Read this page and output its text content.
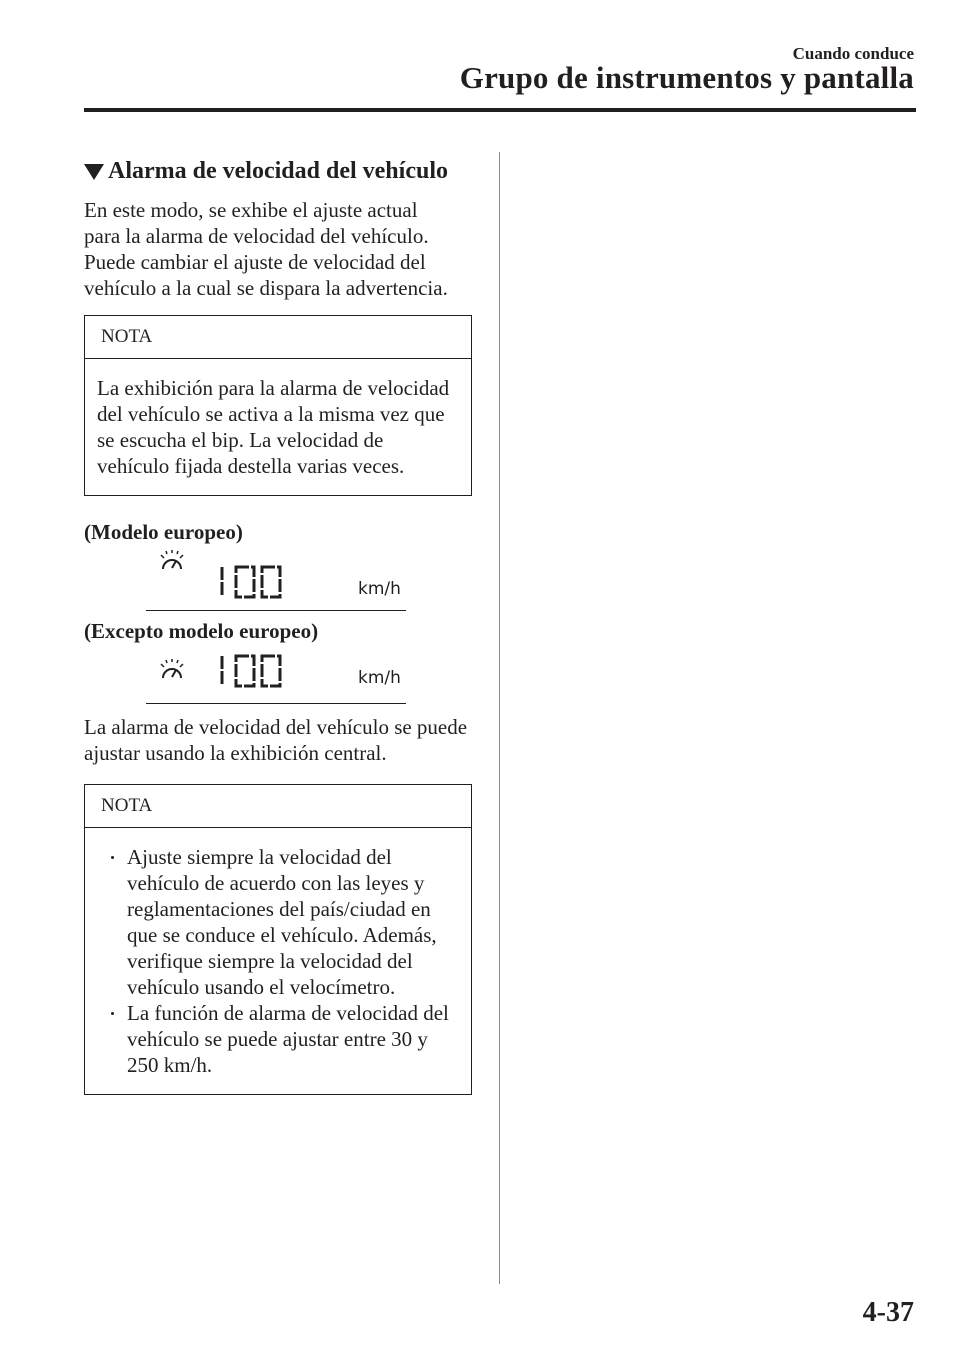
Cuando conduce
Grupo de instrumentos y pantalla
Alarma de velocidad del vehículo

En este modo, se exhibe el ajuste actual para la alarma de velocidad del vehículo. Puede cambiar el ajuste de velocidad del vehículo a la cual se dispara la advertencia.

NOTA
La exhibición para la alarma de velocidad del vehículo se activa a la misma vez que se escucha el bip. La velocidad de vehículo fijada destella varias veces.

(Modelo europeo)

km/h

(Excepto modelo europeo)

km/h

La alarma de velocidad del vehículo se puede ajustar usando la exhibición central.

NOTA
Ajuste siempre la velocidad del vehículo de acuerdo con las leyes y reglamentaciones del país/ciudad en que se conduce el vehículo. Además, verifique siempre la velocidad del vehículo usando el velocímetro.
La función de alarma de velocidad del vehículo se puede ajustar entre 30 y 250 km/h.
4-37
